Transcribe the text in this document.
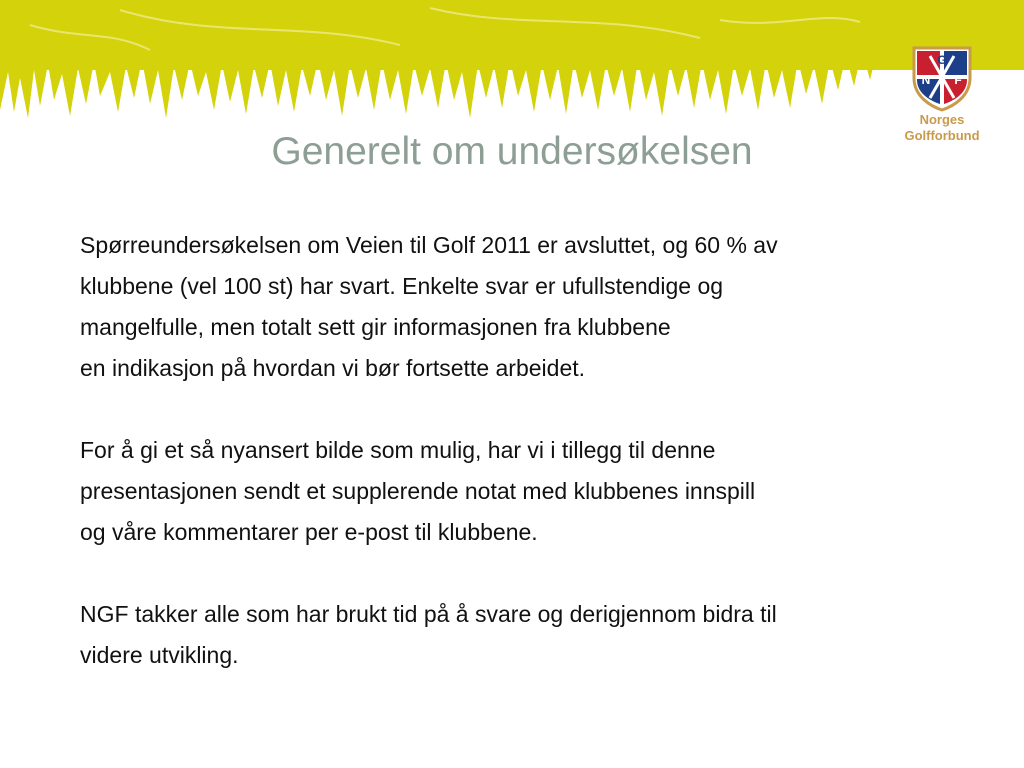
G
N F
Norges
Golfforbund
Generelt om undersøkelsen

Spørreundersøkelsen om Veien til Golf 2011 er avsluttet, og 60 % av
klubbene (vel 100 st) har svart. Enkelte svar er ufullstendige og
mangelfulle, men totalt sett gir informasjonen fra klubbene
en indikasjon på hvordan vi bør fortsette arbeidet.

For å gi et så nyansert bilde som mulig, har vi i tillegg til denne
presentasjonen sendt et supplerende notat med klubbenes innspill
og våre kommentarer per e-post til klubbene.

NGF takker alle som har brukt tid på å svare og derigjennom bidra til
videre utvikling.
